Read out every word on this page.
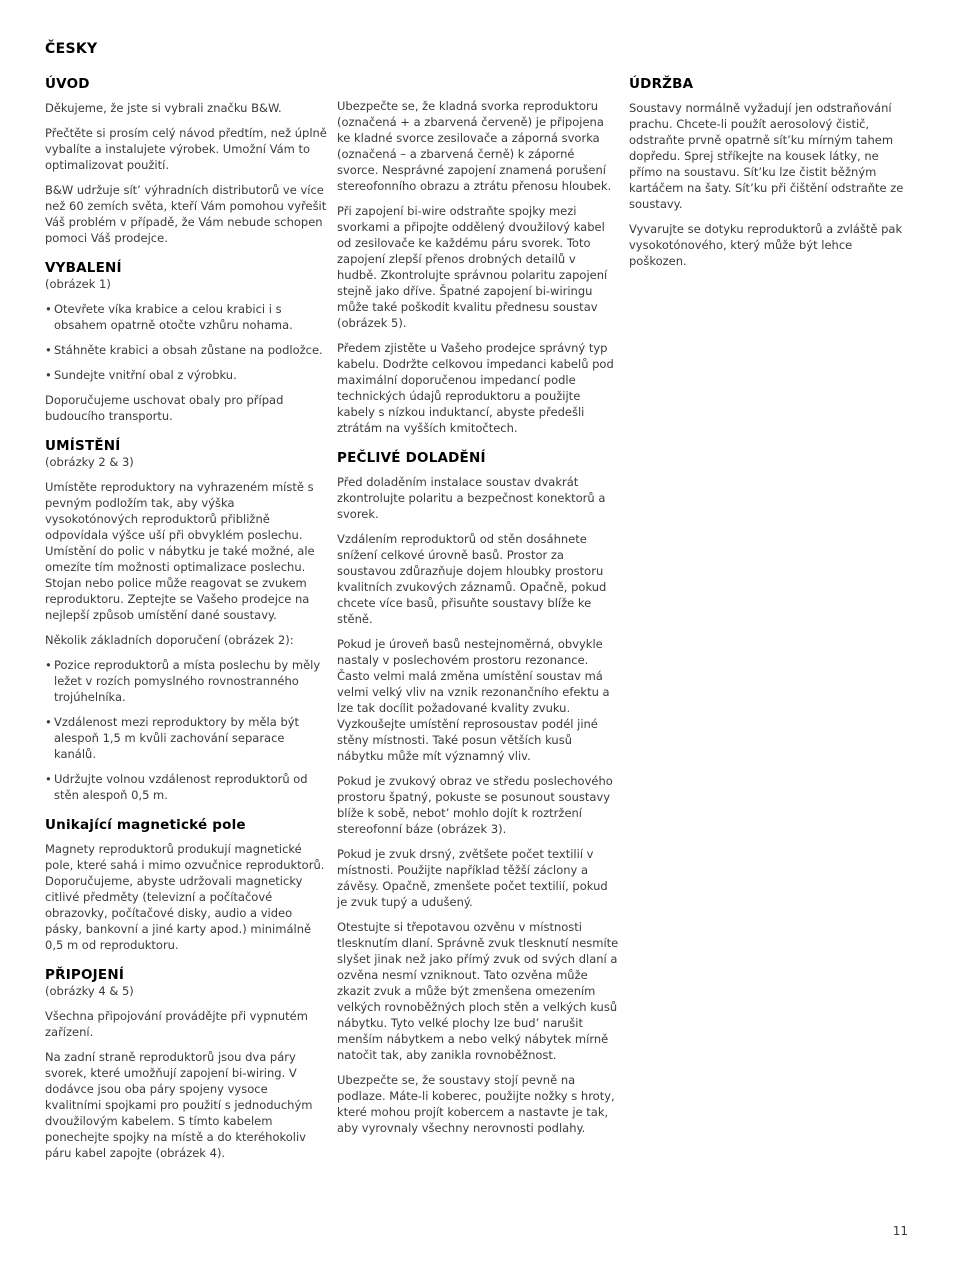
ČESKY
ÚVOD

Děkujeme, že jste si vybrali značku B&W.

Přečtěte si prosím celý návod předtím, než úplně vybalíte a instalujete výrobek. Umožní Vám to optimalizovat použití.

B&W udržuje sít’ výhradních distributorů ve více než 60 zemích světa, kteří Vám pomohou vyřešit Váš problém v případě, že Vám nebude schopen pomoci Váš prodejce.

VYBALENÍ
(obrázek 1)
• Otevřete víka krabice a celou krabici i s obsahem opatrně otočte vzhůru nohama.
• Stáhněte krabici a obsah zůstane na podložce.
• Sundejte vnitřní obal z výrobku.

Doporučujeme uschovat obaly pro případ budoucího transportu.

UMÍSTĚNÍ
(obrázky 2 & 3)

Umístěte reproduktory na vyhrazeném místě s pevným podložím tak, aby výška vysokotónových reproduktorů přibližně odpovídala výšce uší při obvyklém poslechu. Umístění do polic v nábytku je také možné, ale omezíte tím možnosti optimalizace poslechu. Stojan nebo police může reagovat se zvukem reproduktoru. Zeptejte se Vašeho prodejce na nejlepší způsob umístění dané soustavy.

Několik základních doporučení (obrázek 2):

• Pozice reproduktorů a místa poslechu by měly ležet v rozích pomyslného rovnostranného trojúhelníka.
• Vzdálenost mezi reproduktory by měla být alespoň 1,5 m kvůli zachování separace kanálů.
• Udržujte volnou vzdálenost reproduktorů od stěn alespoň 0,5 m.
Unikající magnetické pole

Magnety reproduktorů produkují magnetické pole, které sahá i mimo ozvučnice reproduktorů. Doporučujeme, abyste udržovali magneticky citlivé předměty (televizní a počítačové obrazovky, počítačové disky, audio a video pásky, bankovní a jiné karty apod.) minimálně 0,5 m od reproduktoru.

PŘIPOJENÍ
(obrázky 4 & 5)

Všechna připojování provádějte při vypnutém zařízení.

Na zadní straně reproduktorů jsou dva páry svorek, které umožňují zapojení bi-wiring. V dodávce jsou oba páry spojeny vysoce kvalitními spojkami pro použití s jednoduchým dvoužilovým kabelem. S tímto kabelem ponechejte spojky na místě a do kteréhokoliv páru kabel zapojte (obrázek 4).

Ubezpečte se, že kladná svorka reproduktoru (označená + a zbarvená červeně) je připojena ke kladné svorce zesilovače a záporná svorka (označená – a zbarvená černě) k záporné svorce. Nesprávné zapojení znamená porušení stereofonního obrazu a ztrátu přenosu hloubek.

Při zapojení bi-wire odstraňte spojky mezi svorkami a připojte oddělený dvoužilový kabel od zesilovače ke každému páru svorek. Toto zapojení zlepší přenos drobných detailů v hudbě. Zkontrolujte správnou polaritu zapojení stejně jako dříve. Špatné zapojení bi-wiringu může také poškodit kvalitu přednesu soustav (obrázek 5).

Předem zjistěte u Vašeho prodejce správný typ kabelu. Dodržte celkovou impedanci kabelů pod maximální doporučenou impedancí podle technických údajů reproduktoru a použijte kabely s nízkou induktancí, abyste předešli ztrátám na vyšších kmitočtech.

PEČLIVÉ DOLADĚNÍ

Před doladěním instalace soustav dvakrát zkontrolujte polaritu a bezpečnost konektorů a svorek.

Vzdálením reproduktorů od stěn dosáhnete snížení celkové úrovně basů. Prostor za soustavou zdůrazňuje dojem hloubky prostoru kvalitních zvukových záznamů. Opačně, pokud chcete více basů, přisuňte soustavy blíže ke stěně.

Pokud je úroveň basů nestejnoměrná, obvykle nastaly v poslechovém prostoru rezonance. Často velmi malá změna umístění soustav má velmi velký vliv na vznik rezonančního efektu a lze tak docílit požadované kvality zvuku. Vyzkoušejte umístění reprosoustav podél jiné stěny místnosti. Také posun větších kusů nábytku může mít významný vliv.

Pokud je zvukový obraz ve středu poslechového prostoru špatný, pokuste se posunout soustavy blíže k sobě, nebot’ mohlo dojít k roztržení stereofonní báze (obrázek 3).

Pokud je zvuk drsný, zvětšete počet textilií v místnosti. Použijte například těžší záclony a závěsy. Opačně, zmenšete počet textilií, pokud je zvuk tupý a udušený.

Otestujte si třepotavou ozvěnu v místnosti tlesknutím dlaní. Správně zvuk tlesknutí nesmíte slyšet jinak než jako přímý zvuk od svých dlaní a ozvěna nesmí vzniknout. Tato ozvěna může zkazit zvuk a může být zmenšena omezením velkých rovnoběžných ploch stěn a velkých kusů nábytku. Tyto velké plochy lze bud’ narušit menším nábytkem a nebo velký nábytek mírně natočit tak, aby zanikla rovnoběžnost.

Ubezpečte se, že soustavy stojí pevně na podlaze. Máte-li koberec, použijte nožky s hroty, které mohou projít kobercem a nastavte je tak, aby vyrovnaly všechny nerovnosti podlahy.

ÚDRŽBA

Soustavy normálně vyžadují jen odstraňování prachu. Chcete-li použít aerosolový čistič, odstraňte prvně opatrně sít’ku mírným tahem dopředu. Sprej stříkejte na kousek látky, ne přímo na soustavu. Sít’ku lze čistit běžným kartáčem na šaty. Sít’ku při čištění odstraňte ze soustavy.

Vyvarujte se dotyku reproduktorů a zvláště pak vysokotónového, který může být lehce poškozen.

11
